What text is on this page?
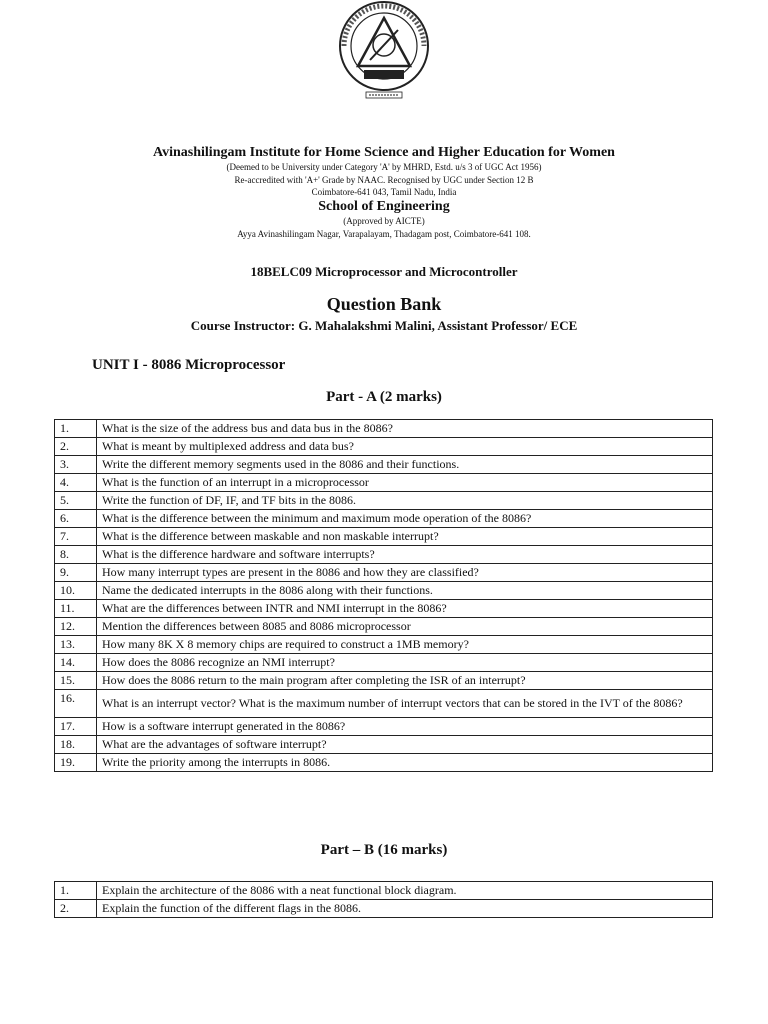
Avinashilingam Institute for Home Science and Higher Education for Women
(Deemed to be University under Category 'A' by MHRD, Estd. u/s 3 of UGC Act 1956)
Re-accredited with 'A+' Grade by NAAC. Recognised by UGC under Section 12 B
Coimbatore-641 043, Tamil Nadu, India
School of Engineering
(Approved by AICTE)
Ayya Avinashilingam Nagar, Varapalayam, Thadagam post, Coimbatore-641 108.
18BELC09 Microprocessor and Microcontroller
Question Bank
Course Instructor: G. Mahalakshmi Malini, Assistant Professor/ ECE
UNIT I - 8086 Microprocessor
Part - A (2 marks)
1.	What is the size of the address bus and data bus in the 8086?
2.	What is meant by multiplexed address and data bus?
3.	Write the different memory segments used in the 8086 and their functions.
4.	What is the function of an interrupt in a microprocessor
5.	Write the function of DF, IF, and TF bits in the 8086.
6.	What is the difference between the minimum and maximum mode operation of the 8086?
7.	What is the difference between maskable and non maskable interrupt?
8.	What is the difference hardware and software interrupts?
9.	How many interrupt types are present in the 8086 and how they are classified?
10.	Name the dedicated interrupts in the 8086 along with their functions.
11.	What are the differences between INTR and NMI interrupt in the 8086?
12.	Mention the differences between 8085 and 8086 microprocessor
13.	How many 8K X 8 memory chips are required to construct a 1MB memory?
14.	How does the 8086 recognize an NMI interrupt?
15.	How does the 8086 return to the main program after completing the ISR of an interrupt?
16.	What is an interrupt vector? What is the maximum number of interrupt vectors that can be stored in the IVT of the 8086?
17.	How is a software interrupt generated in the 8086?
18.	What are the advantages of software interrupt?
19.	Write the priority among the interrupts in 8086.
Part – B (16 marks)
1.	Explain the architecture of the 8086 with a neat functional block diagram.
2.	Explain the function of the different flags in the 8086.
